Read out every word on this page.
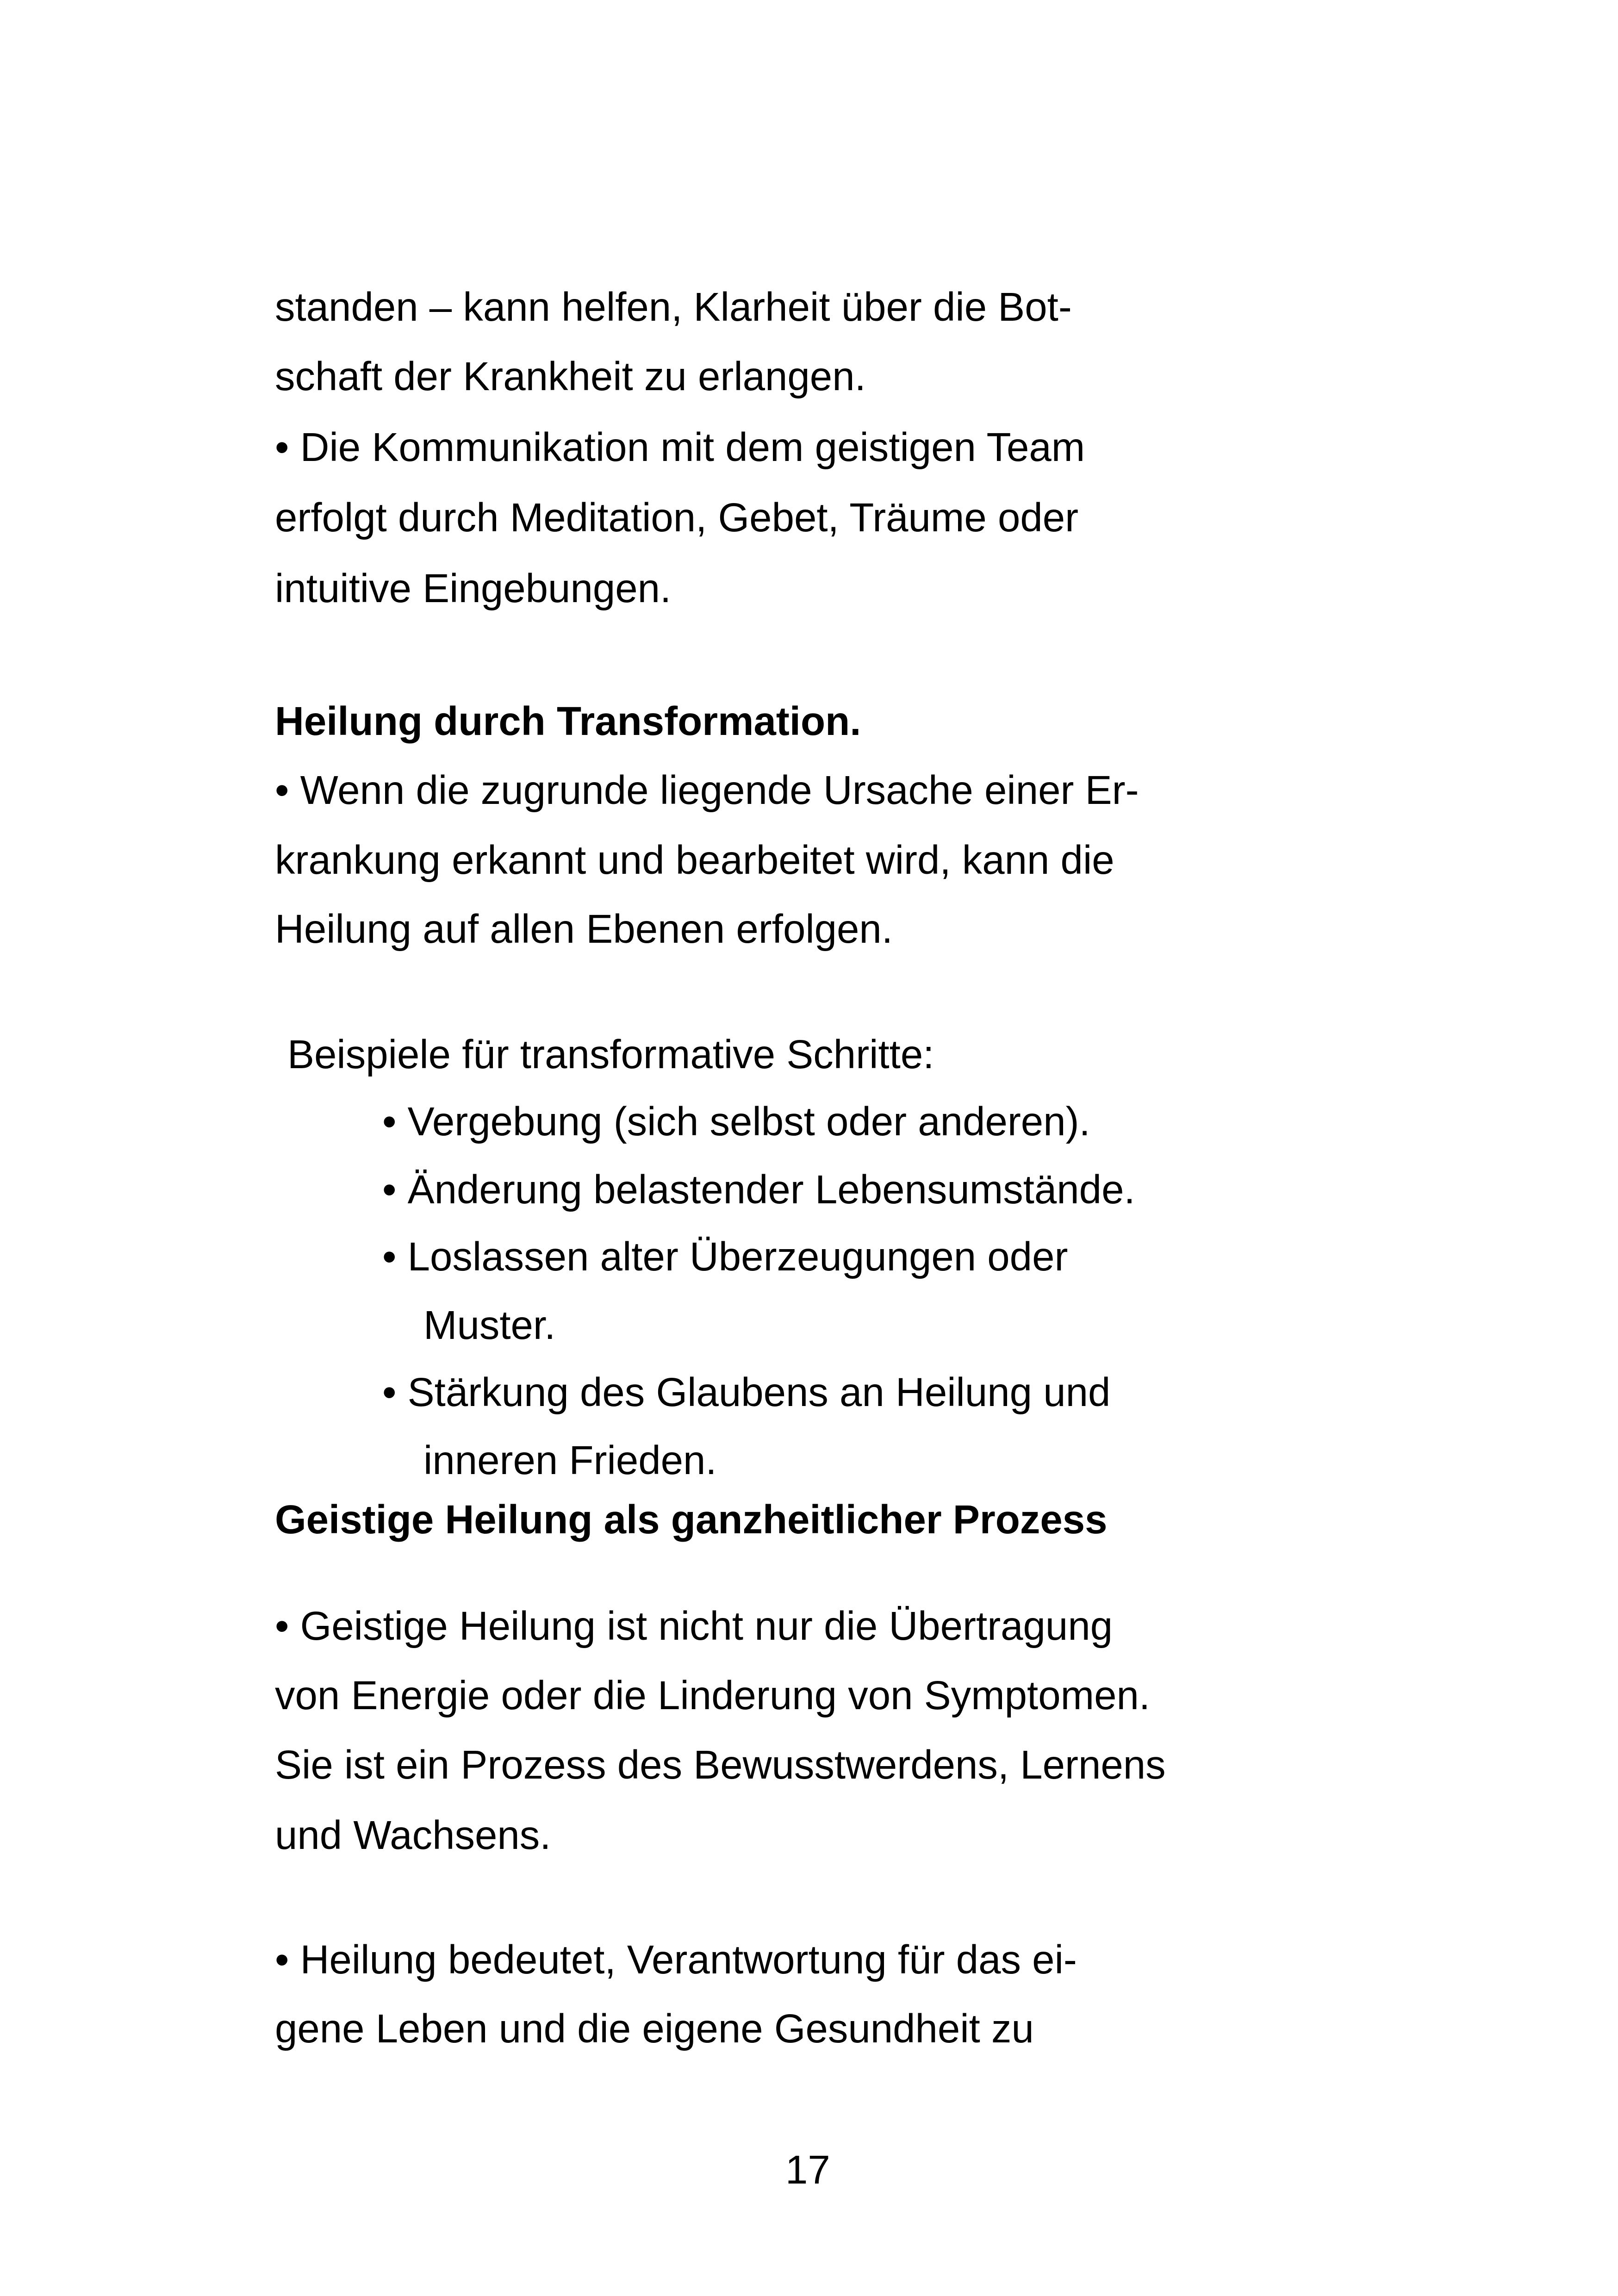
standen – kann helfen, Klarheit über die Bot-
schaft der Krankheit zu erlangen.
• Die Kommunikation mit dem geistigen Team
erfolgt durch Meditation, Gebet, Träume oder
intuitive Eingebungen.
Heilung durch Transformation.
• Wenn die zugrunde liegende Ursache einer Er-
krankung erkannt und bearbeitet wird, kann die
Heilung auf allen Ebenen erfolgen.
Beispiele für transformative Schritte:
• Vergebung (sich selbst oder anderen).
• Änderung belastender Lebensumstände.
• Loslassen alter Überzeugungen oder
Muster.
• Stärkung des Glaubens an Heilung und
inneren Frieden.
Geistige Heilung als ganzheitlicher Prozess
• Geistige Heilung ist nicht nur die Übertragung
von Energie oder die Linderung von Symptomen.
Sie ist ein Prozess des Bewusstwerdens, Lernens
und Wachsens.
• Heilung bedeutet, Verantwortung für das ei-
gene Leben und die eigene Gesundheit zu
17
